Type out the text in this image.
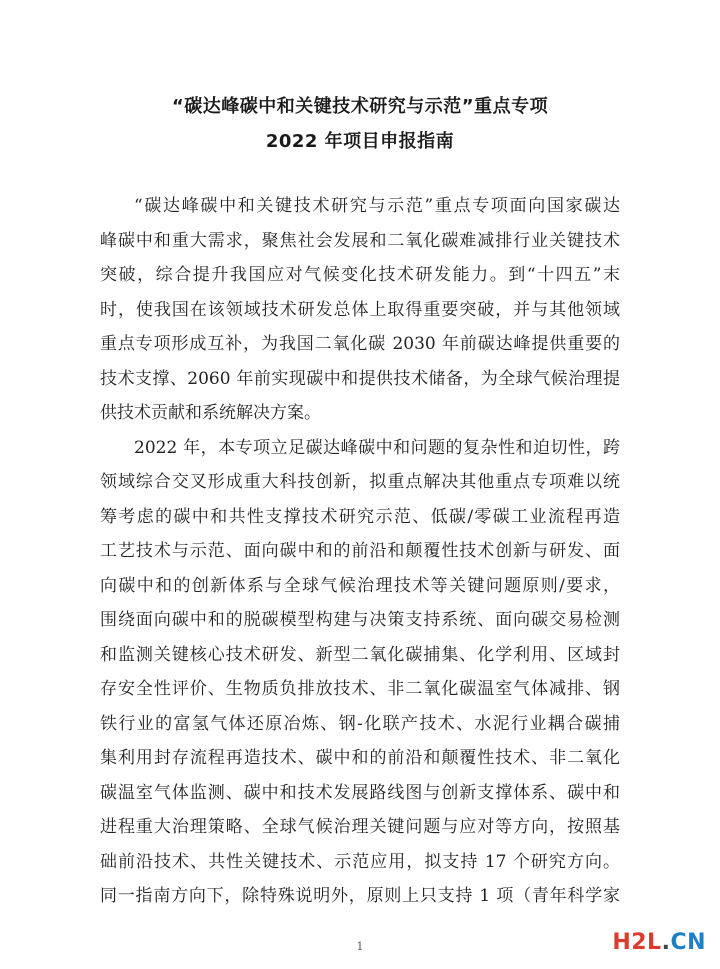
“碳达峰碳中和关键技术研究与示范”重点专项
2022 年项目申报指南
“碳达峰碳中和关键技术研究与示范”重点专项面向国家碳达
峰碳中和重大需求，聚焦社会发展和二氧化碳难减排行业关键技术
突破，综合提升我国应对气候变化技术研发能力。到“十四五”末
时，使我国在该领域技术研发总体上取得重要突破，并与其他领域
重点专项形成互补，为我国二氧化碳 2030 年前碳达峰提供重要的
技术支撑、2060 年前实现碳中和提供技术储备，为全球气候治理提
供技术贡献和系统解决方案。
2022 年，本专项立足碳达峰碳中和问题的复杂性和迫切性，跨
领域综合交叉形成重大科技创新，拟重点解决其他重点专项难以统
筹考虑的碳中和共性支撑技术研究示范、低碳/零碳工业流程再造
工艺技术与示范、面向碳中和的前沿和颠覆性技术创新与研发、面
向碳中和的创新体系与全球气候治理技术等关键问题原则/要求，
围绕面向碳中和的脱碳模型构建与决策支持系统、面向碳交易检测
和监测关键核心技术研发、新型二氧化碳捕集、化学利用、区域封
存安全性评价、生物质负排放技术、非二氧化碳温室气体减排、钢
铁行业的富氢气体还原冶炼、钢-化联产技术、水泥行业耦合碳捕
集利用封存流程再造技术、碳中和的前沿和颠覆性技术、非二氧化
碳温室气体监测、碳中和技术发展路线图与创新支撑体系、碳中和
进程重大治理策略、全球气候治理关键问题与应对等方向，按照基
础前沿技术、共性关键技术、示范应用，拟支持 17 个研究方向。
同一指南方向下，除特殊说明外，原则上只支持 1 项（青年科学家
1	H2L.CN
